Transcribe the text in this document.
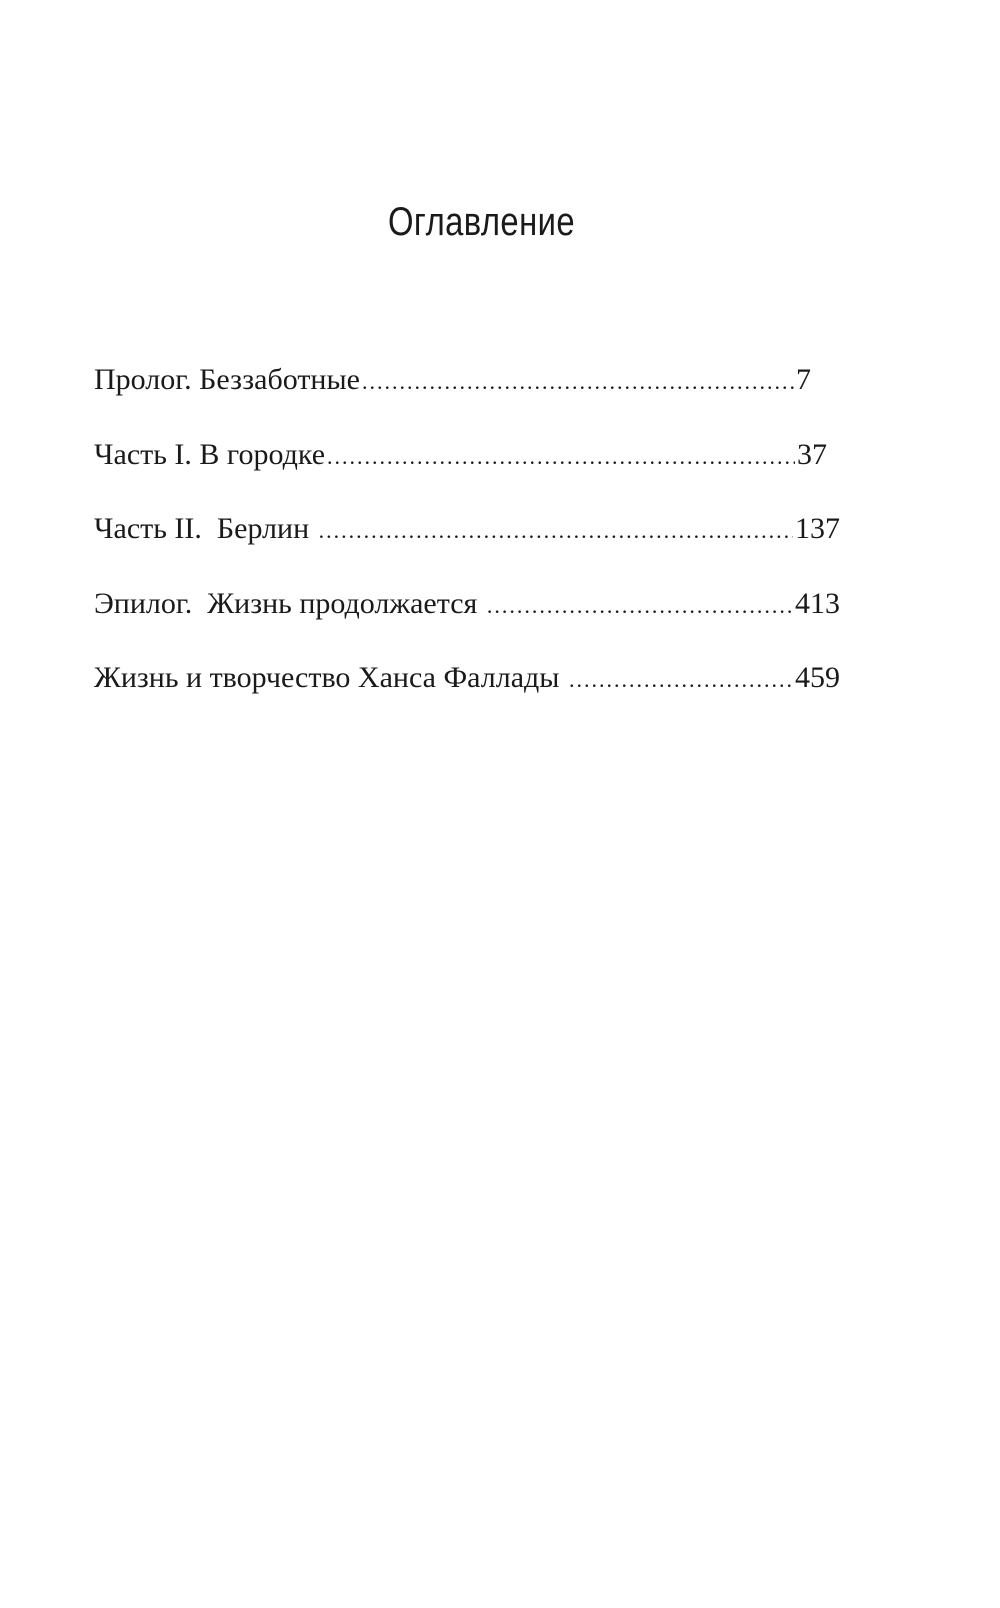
Оглавление
Пролог. Беззаботные .....	7
Часть I. В городке .....	37
Часть II.  Берлин .....	137
Эпилог.  Жизнь продолжается .....	413
Жизнь и творчество Ханса Фаллады .....	459
